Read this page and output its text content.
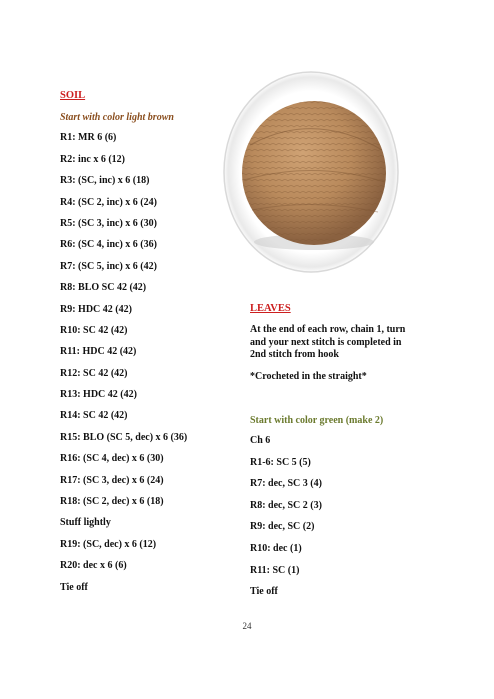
SOIL
Start with color light brown
R1: MR 6 (6)
R2: inc x 6 (12)
R3: (SC, inc) x 6 (18)
R4: (SC 2, inc) x 6 (24)
R5: (SC 3, inc) x 6 (30)
R6: (SC 4, inc) x 6 (36)
R7: (SC 5, inc) x 6 (42)
R8: BLO SC 42 (42)
R9: HDC 42 (42)
R10: SC 42 (42)
R11: HDC 42 (42)
R12: SC 42 (42)
R13: HDC 42 (42)
R14: SC 42 (42)
R15: BLO (SC 5, dec) x 6 (36)
R16: (SC 4, dec) x 6 (30)
R17: (SC 3, dec) x 6 (24)
R18: (SC 2, dec) x 6 (18)
Stuff lightly
R19: (SC, dec) x 6 (12)
R20: dec x 6 (6)
Tie off
LEAVES
At the end of each row, chain 1, turn
and your next stitch is completed in
2nd stitch from hook
*Crocheted in the straight*
Start with color green (make 2)
Ch 6
R1-6: SC 5 (5)
R7: dec, SC 3 (4)
R8: dec, SC 2 (3)
R9: dec, SC (2)
R10: dec (1)
R11: SC (1)
Tie off
24
